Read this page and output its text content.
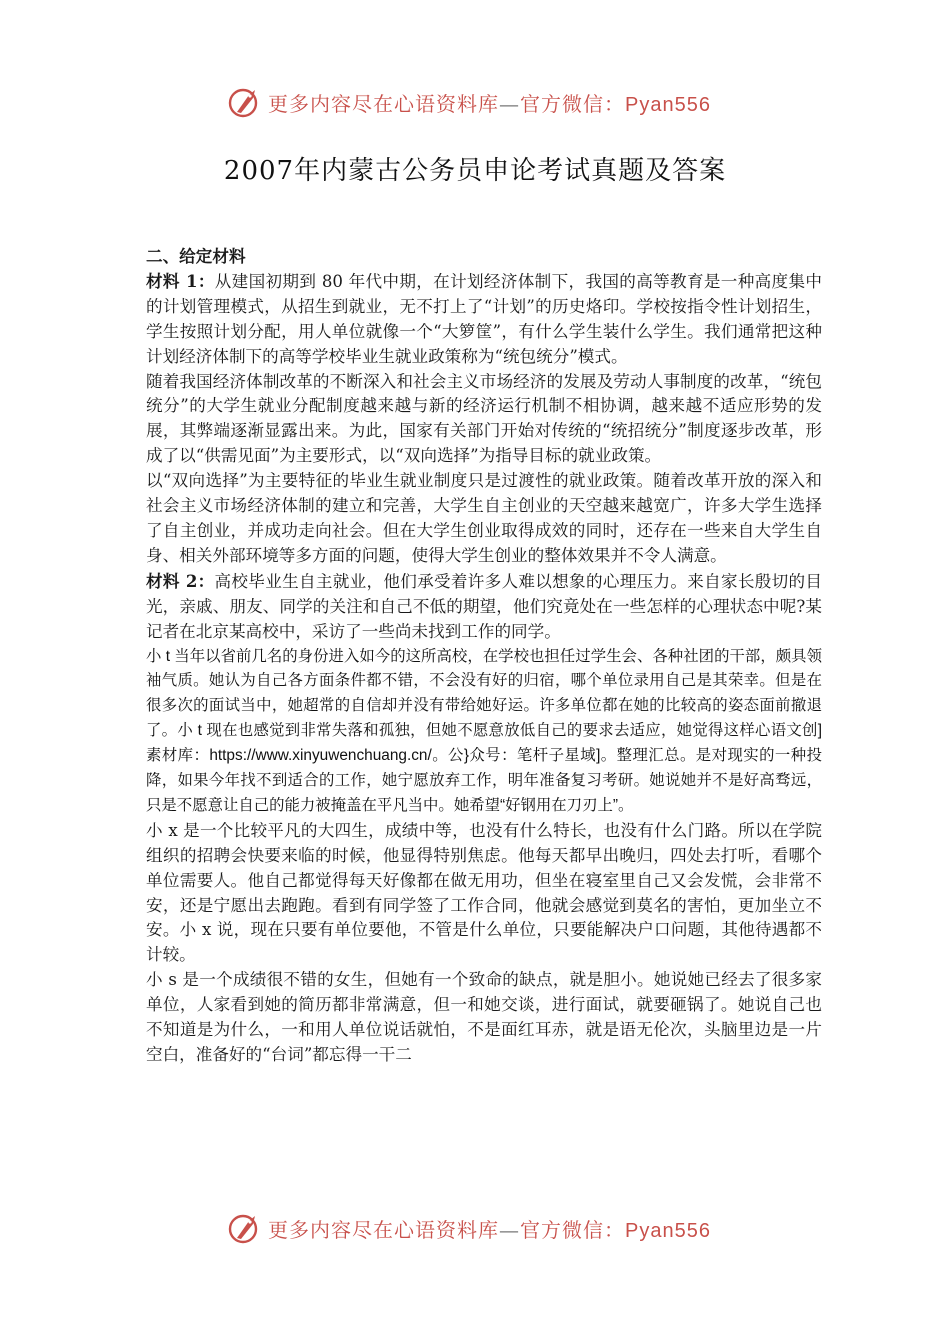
更多内容尽在心语资料库—官方微信：Pyan556
2007年内蒙古公务员申论考试真题及答案

二、给定材料

材料 1：从建国初期到 80 年代中期，在计划经济体制下，我国的高等教育是一种高度集中的计划管理模式，从招生到就业，无不打上了“计划”的历史烙印。学校按指令性计划招生，学生按照计划分配，用人单位就像一个“大箩筐”，有什么学生装什么学生。我们通常把这种计划经济体制下的高等学校毕业生就业政策称为“统包统分”模式。

随着我国经济体制改革的不断深入和社会主义市场经济的发展及劳动人事制度的改革，“统包统分”的大学生就业分配制度越来越与新的经济运行机制不相协调，越来越不适应形势的发展，其弊端逐渐显露出来。为此，国家有关部门开始对传统的“统招统分”制度逐步改革，形成了以“供需见面”为主要形式，以“双向选择”为指导目标的就业政策。

以“双向选择”为主要特征的毕业生就业制度只是过渡性的就业政策。随着改革开放的深入和社会主义市场经济体制的建立和完善，大学生自主创业的天空越来越宽广，许多大学生选择了自主创业，并成功走向社会。但在大学生创业取得成效的同时，还存在一些来自大学生自身、相关外部环境等多方面的问题，使得大学生创业的整体效果并不令人满意。

材料 2：高校毕业生自主就业，他们承受着许多人难以想象的心理压力。来自家长殷切的目光，亲戚、朋友、同学的关注和自己不低的期望，他们究竟处在一些怎样的心理状态中呢?某记者在北京某高校中，采访了一些尚未找到工作的同学。

小 t 当年以省前几名的身份进入如今的这所高校，在学校也担任过学生会、各种社团的干部，颇具领袖气质。她认为自己各方面条件都不错，不会没有好的归宿，哪个单位录用自己是其荣幸。但是在很多次的面试当中，她超常的自信却并没有带给她好运。许多单位都在她的比较高的姿态面前撤退了。小 t 现在也感觉到非常失落和孤独，但她不愿意放低自己的要求去适应，她觉得这样心语文创]素材库：https://www.xinyuwenchuang.cn/。公}众号：笔杆子星域]。整理汇总。是对现实的一种投降，如果今年找不到适合的工作，她宁愿放弃工作，明年准备复习考研。她说她并不是好高骛远，只是不愿意让自己的能力被掩盖在平凡当中。她希望“好钢用在刀刃上”。

小 x 是一个比较平凡的大四生，成绩中等，也没有什么特长，也没有什么门路。所以在学院组织的招聘会快要来临的时候，他显得特别焦虑。他每天都早出晚归，四处去打听，看哪个单位需要人。他自己都觉得每天好像都在做无用功，但坐在寝室里自己又会发慌，会非常不安，还是宁愿出去跑跑。看到有同学签了工作合同，他就会感觉到莫名的害怕，更加坐立不安。小 x 说，现在只要有单位要他，不管是什么单位，只要能解决户口问题，其他待遇都不计较。

小 s 是一个成绩很不错的女生，但她有一个致命的缺点，就是胆小。她说她已经去了很多家单位，人家看到她的简历都非常满意，但一和她交谈，进行面试，就要砸锅了。她说自己也不知道是为什么，一和用人单位说话就怕，不是面红耳赤，就是语无伦次，头脑里边是一片空白，准备好的“台词”都忘得一干二

更多内容尽在心语资料库—官方微信：Pyan556
